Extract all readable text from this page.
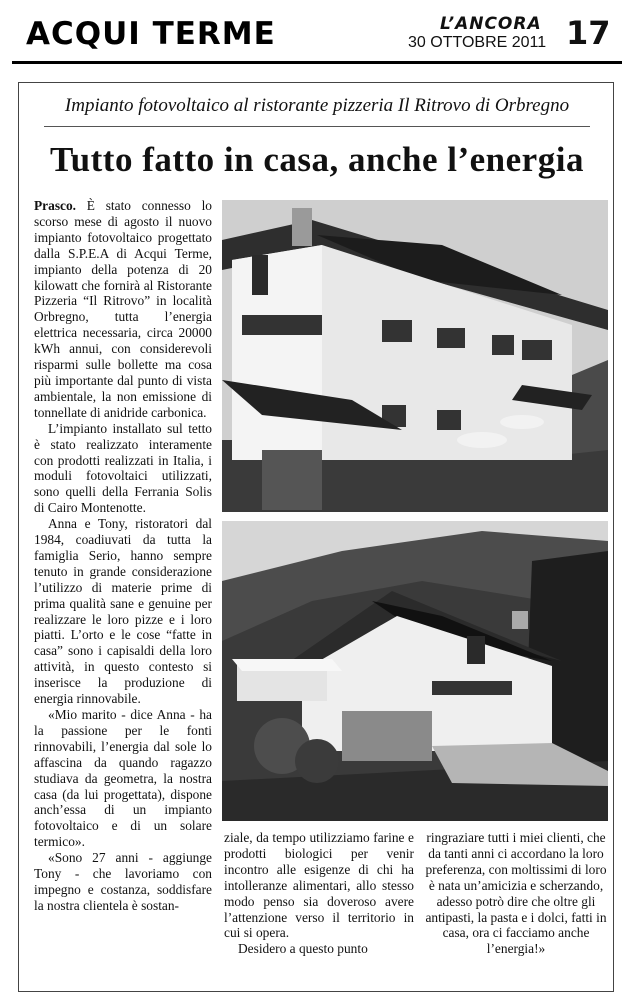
ACQUI TERME	L’ANCORA
30 OTTOBRE 2011 17
Impianto fotovoltaico al ristorante pizzeria Il Ritrovo di Orbregno
Tutto fatto in casa, anche l’energia

Prasco. È stato connesso lo scorso mese di agosto il nuovo impianto fotovoltaico progettato dalla S.P.E.A di Acqui Terme, impianto della potenza di 20 kilowatt che fornirà al Ristorante Pizzeria “Il Ritrovo” in località Orbregno, tutta l’energia elettrica necessaria, circa 20000 kWh annui, con considerevoli risparmi sulle bollette ma cosa più importante dal punto di vista ambientale, la non emissione di tonnellate di anidride carbonica.

L’impianto installato sul tetto è stato realizzato interamente con prodotti realizzati in Italia, i moduli fotovoltaici utilizzati, sono quelli della Ferrania Solis di Cairo Montenotte.

Anna e Tony, ristoratori dal 1984, coadiuvati da tutta la famiglia Serio, hanno sempre tenuto in grande considerazione l’utilizzo di materie prime di prima qualità sane e genuine per realizzare le loro pizze e i loro piatti. L’orto e le cose “fatte in casa” sono i capisaldi della loro attività, in questo contesto si inserisce la produzione di energia rinnovabile.

«Mio marito - dice Anna - ha la passione per le fonti rinnovabili, l’energia dal sole lo affascina da quando ragazzo studiava da geometra, la nostra casa (da lui progettata), dispone anch’essa di un impianto fotovoltaico e di un solare termico».

«Sono 27 anni - aggiunge Tony - che lavoriamo con impegno e costanza, soddisfare la nostra clientela è sostan-

ziale, da tempo utilizziamo farine e prodotti biologici per venir incontro alle esigenze di chi ha intolleranze alimentari, allo stesso modo penso sia doveroso avere l’attenzione verso il territorio in cui si opera.

Desidero a questo punto

ringraziare tutti i miei clienti, che da tanti anni ci accordano la loro preferenza, con moltissimi di loro è nata un’amicizia e scherzando, adesso potrò dire che oltre gli antipasti, la pasta e i dolci, fatti in casa, ora ci facciamo anche l’energia!»
